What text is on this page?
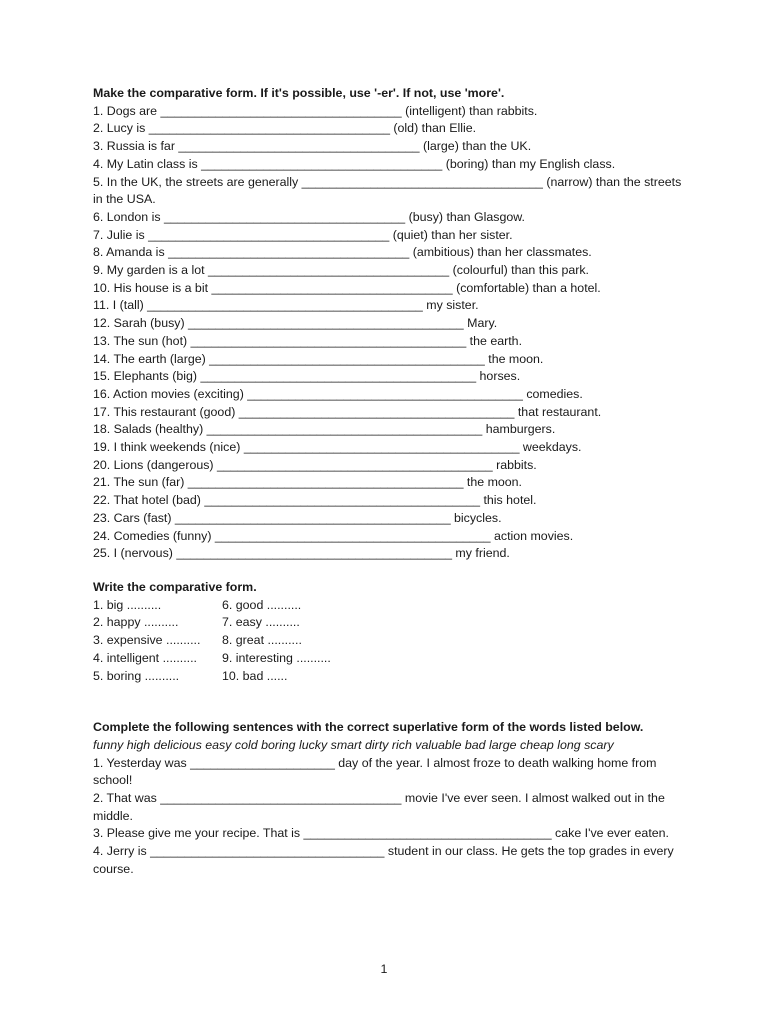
Make the comparative form. If it's possible, use '-er'. If not, use 'more'.
1. Dogs are ___________________________________ (intelligent) than rabbits.
2. Lucy is ___________________________________ (old) than Ellie.
3. Russia is far ___________________________________ (large) than the UK.
4. My Latin class is ___________________________________ (boring) than my English class.
5. In the UK, the streets are generally ___________________________________ (narrow) than the streets in the USA.
6. London is ___________________________________ (busy) than Glasgow.
7. Julie is ___________________________________ (quiet) than her sister.
8. Amanda is ___________________________________ (ambitious) than her classmates.
9. My garden is a lot ___________________________________ (colourful) than this park.
10. His house is a bit ___________________________________ (comfortable) than a hotel.
11. I (tall) ________________________________________ my sister.
12. Sarah (busy) ________________________________________ Mary.
13. The sun (hot) ________________________________________ the earth.
14. The earth (large) ________________________________________ the moon.
15. Elephants (big) ________________________________________ horses.
16. Action movies (exciting) ________________________________________ comedies.
17. This restaurant (good) ________________________________________ that restaurant.
18. Salads (healthy) ________________________________________ hamburgers.
19. I think weekends (nice) ________________________________________ weekdays.
20. Lions (dangerous) ________________________________________ rabbits.
21. The sun (far) ________________________________________ the moon.
22. That hotel (bad) ________________________________________ this hotel.
23. Cars (fast) ________________________________________ bicycles.
24. Comedies (funny) ________________________________________ action movies.
25. I (nervous) ________________________________________ my friend.
Write the comparative form.
1. big ..........	6. good ..........
2. happy ..........	7. easy ..........
3. expensive ..........	8. great ..........
4. intelligent ..........	9. interesting ..........
5. boring ..........	10. bad ......
Complete the following sentences with the correct superlative form of the words listed below.
funny high delicious easy cold boring lucky smart dirty rich valuable bad large cheap long scary
1. Yesterday was _____________________ day of the year. I almost froze to death walking home from school!
2. That was ___________________________________ movie I've ever seen. I almost walked out in the middle.
3. Please give me your recipe. That is ____________________________________ cake I've ever eaten.
4. Jerry is __________________________________ student in our class. He gets the top grades in every course.
1
